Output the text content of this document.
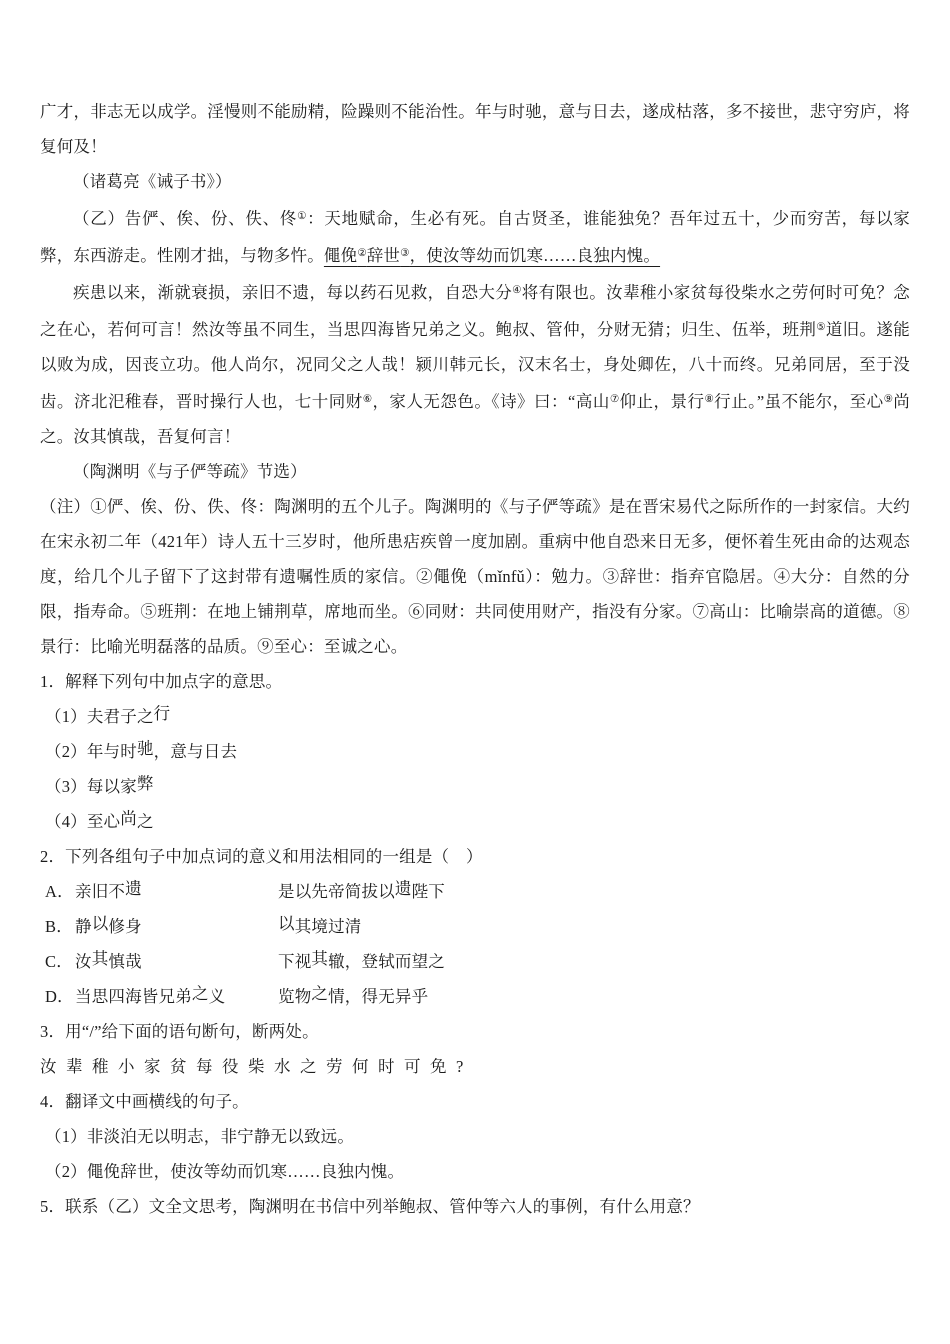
广才，非志无以成学。淫慢则不能励精，险躁则不能治性。年与时驰，意与日去，遂成枯落，多不接世，悲守穷庐，将复何及！
（诸葛亮《诫子书》）
（乙）告俨、俟、份、佚、佟①：天地赋命，生必有死。自古贤圣，谁能独免？吾年过五十，少而穷苦，每以家弊，东西游走。性刚才拙，与物多忤。僶俛②辞世③，使汝等幼而饥寒……良独内愧。
疾患以来，渐就衰损，亲旧不遗，每以药石见救，自恐大分④将有限也。汝辈稚小家贫每役柴水之劳何时可免？念之在心，若何可言！然汝等虽不同生，当思四海皆兄弟之义。鲍叔、管仲，分财无猜；归生、伍举，班荆⑤道旧。遂能以败为成，因丧立功。他人尚尔，况同父之人哉！颍川韩元长，汉末名士，身处卿佐，八十而终。兄弟同居，至于没齿。济北汜稚春，晋时操行人也，七十同财⑥，家人无怨色。《诗》曰：“高山⑦仰止，景行⑧行止。”虽不能尔，至心⑨尚之。汝其慎哉，吾复何言！
（陶渊明《与子俨等疏》节选）
（注）①俨、俟、份、佚、佟：陶渊明的五个儿子。陶渊明的《与子俨等疏》是在晋宋易代之际所作的一封家信。大约在宋永初二年（421年）诗人五十三岁时，他所患痁疾曾一度加剧。重病中他自恐来日无多，便怀着生死由命的达观态度，给几个儿子留下了这封带有遗嘱性质的家信。②僶俛（mǐnfǔ）：勉力。③辞世：指弃官隐居。④大分：自然的分限，指寿命。⑤班荆：在地上铺荆草，席地而坐。⑥同财：共同使用财产，指没有分家。⑦高山：比喻崇高的道德。⑧景行：比喻光明磊落的品质。⑨至心：至诚之心。
1．解释下列句中加点字的意思。
（1）夫君子之行
（2）年与时驰，意与日去
（3）每以家弊
（4）至心尚之
2．下列各组句子中加点词的意义和用法相同的一组是（　）
A． 亲旧不遗	是以先帝简拔以遗陛下
B． 静以修身	以其境过清
C． 汝其慎哉	下视其辙，登轼而望之
D． 当思四海皆兄弟之义	览物之情，得无异乎
3．用“/”给下面的语句断句，断两处。
汝辈稚小家贫每役柴水之劳何时可免?
4．翻译文中画横线的句子。
（1）非淡泊无以明志，非宁静无以致远。
（2）僶俛辞世，使汝等幼而饥寒……良独内愧。
5．联系（乙）文全文思考，陶渊明在书信中列举鲍叔、管仲等六人的事例，有什么用意？
